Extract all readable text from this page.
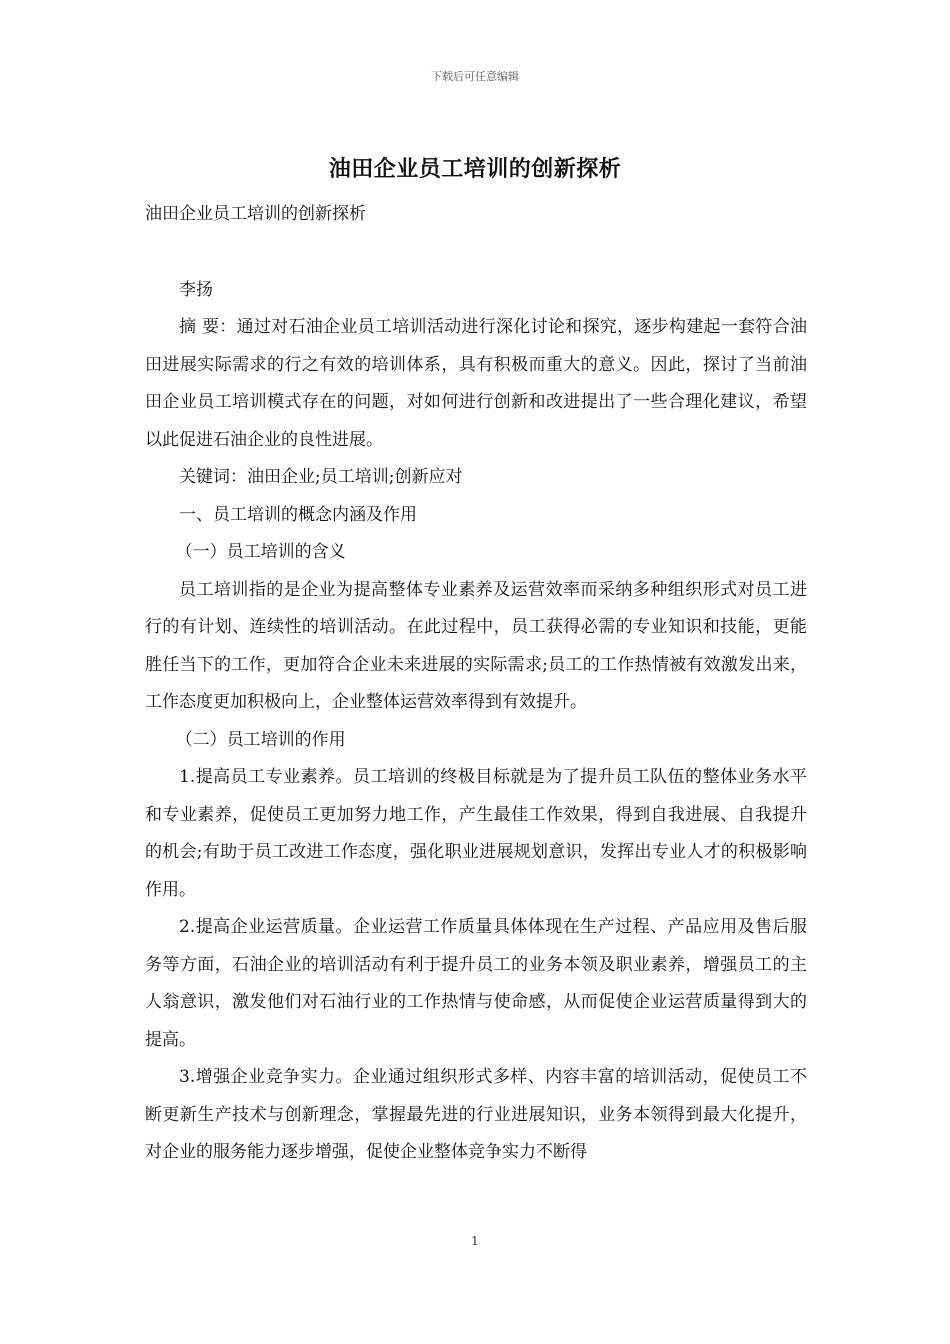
下载后可任意编辑
油田企业员工培训的创新探析

油田企业员工培训的创新探析

李扬

摘 要：通过对石油企业员工培训活动进行深化讨论和探究，逐步构建起一套符合油田进展实际需求的行之有效的培训体系，具有积极而重大的意义。因此，探讨了当前油田企业员工培训模式存在的问题，对如何进行创新和改进提出了一些合理化建议，希望以此促进石油企业的良性进展。

关键词：油田企业;员工培训;创新应对

一、员工培训的概念内涵及作用

（一）员工培训的含义

员工培训指的是企业为提高整体专业素养及运营效率而采纳多种组织形式对员工进行的有计划、连续性的培训活动。在此过程中，员工获得必需的专业知识和技能，更能胜任当下的工作，更加符合企业未来进展的实际需求;员工的工作热情被有效激发出来，工作态度更加积极向上，企业整体运营效率得到有效提升。

（二）员工培训的作用

1.提高员工专业素养。员工培训的终极目标就是为了提升员工队伍的整体业务水平和专业素养，促使员工更加努力地工作，产生最佳工作效果，得到自我进展、自我提升的机会;有助于员工改进工作态度，强化职业进展规划意识，发挥出专业人才的积极影响作用。

2.提高企业运营质量。企业运营工作质量具体体现在生产过程、产品应用及售后服务等方面，石油企业的培训活动有利于提升员工的业务本领及职业素养，增强员工的主人翁意识，激发他们对石油行业的工作热情与使命感，从而促使企业运营质量得到大的提高。

3.增强企业竞争实力。企业通过组织形式多样、内容丰富的培训活动，促使员工不断更新生产技术与创新理念，掌握最先进的行业进展知识，业务本领得到最大化提升，对企业的服务能力逐步增强，促使企业整体竞争实力不断得

1
